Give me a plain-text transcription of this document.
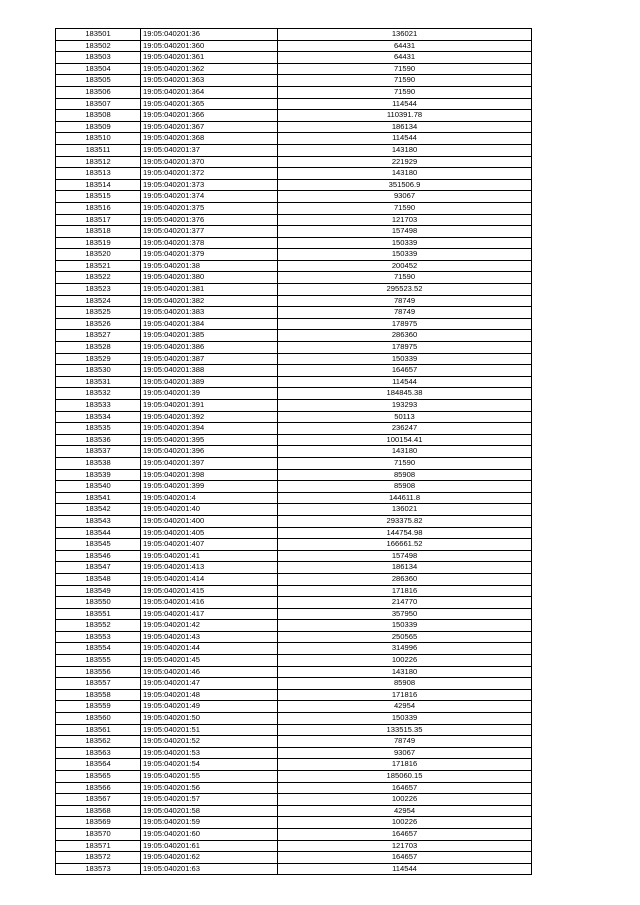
183501	19:05:040201:36	136021
183502	19:05:040201:360	64431
183503	19:05:040201:361	64431
183504	19:05:040201:362	71590
183505	19:05:040201:363	71590
183506	19:05:040201:364	71590
183507	19:05:040201:365	114544
183508	19:05:040201:366	110391.78
183509	19:05:040201:367	186134
183510	19:05:040201:368	114544
183511	19:05:040201:37	143180
183512	19:05:040201:370	221929
183513	19:05:040201:372	143180
183514	19:05:040201:373	351506.9
183515	19:05:040201:374	93067
183516	19:05:040201:375	71590
183517	19:05:040201:376	121703
183518	19:05:040201:377	157498
183519	19:05:040201:378	150339
183520	19:05:040201:379	150339
183521	19:05:040201:38	200452
183522	19:05:040201:380	71590
183523	19:05:040201:381	295523.52
183524	19:05:040201:382	78749
183525	19:05:040201:383	78749
183526	19:05:040201:384	178975
183527	19:05:040201:385	286360
183528	19:05:040201:386	178975
183529	19:05:040201:387	150339
183530	19:05:040201:388	164657
183531	19:05:040201:389	114544
183532	19:05:040201:39	184845.38
183533	19:05:040201:391	193293
183534	19:05:040201:392	50113
183535	19:05:040201:394	236247
183536	19:05:040201:395	100154.41
183537	19:05:040201:396	143180
183538	19:05:040201:397	71590
183539	19:05:040201:398	85908
183540	19:05:040201:399	85908
183541	19:05:040201:4	144611.8
183542	19:05:040201:40	136021
183543	19:05:040201:400	293375.82
183544	19:05:040201:405	144754.98
183545	19:05:040201:407	166661.52
183546	19:05:040201:41	157498
183547	19:05:040201:413	186134
183548	19:05:040201:414	286360
183549	19:05:040201:415	171816
183550	19:05:040201:416	214770
183551	19:05:040201:417	357950
183552	19:05:040201:42	150339
183553	19:05:040201:43	250565
183554	19:05:040201:44	314996
183555	19:05:040201:45	100226
183556	19:05:040201:46	143180
183557	19:05:040201:47	85908
183558	19:05:040201:48	171816
183559	19:05:040201:49	42954
183560	19:05:040201:50	150339
183561	19:05:040201:51	133515.35
183562	19:05:040201:52	78749
183563	19:05:040201:53	93067
183564	19:05:040201:54	171816
183565	19:05:040201:55	185060.15
183566	19:05:040201:56	164657
183567	19:05:040201:57	100226
183568	19:05:040201:58	42954
183569	19:05:040201:59	100226
183570	19:05:040201:60	164657
183571	19:05:040201:61	121703
183572	19:05:040201:62	164657
183573	19:05:040201:63	114544
